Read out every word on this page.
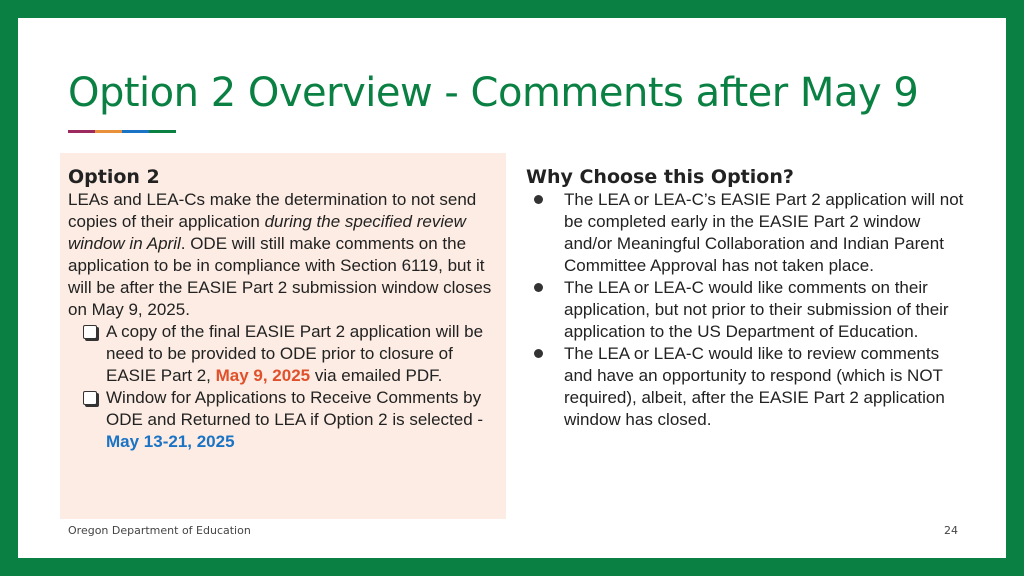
Option 2 Overview - Comments after May 9
Option 2

LEAs and LEA-Cs make the determination to not send copies of their application during the specified review window in April. ODE will still make comments on the application to be in compliance with Section 6119, but it will be after the EASIE Part 2 submission window closes on May 9, 2025.

A copy of the final EASIE Part 2 application will be need to be provided to ODE prior to closure of EASIE Part 2, May 9, 2025 via emailed PDF.
Window for Applications to Receive Comments by ODE and Returned to LEA if Option 2 is selected - May 13-21, 2025
Why Choose this Option?
The LEA or LEA-C’s EASIE Part 2 application will not be completed early in the EASIE Part 2 window and/or Meaningful Collaboration and Indian Parent Committee Approval has not taken place.
The LEA or LEA-C would like comments on their application, but not prior to their submission of their application to the US Department of Education.
The LEA or LEA-C would like to review comments and have an opportunity to respond (which is NOT required), albeit, after the EASIE Part 2 application window has closed.
Oregon Department of Education	24
